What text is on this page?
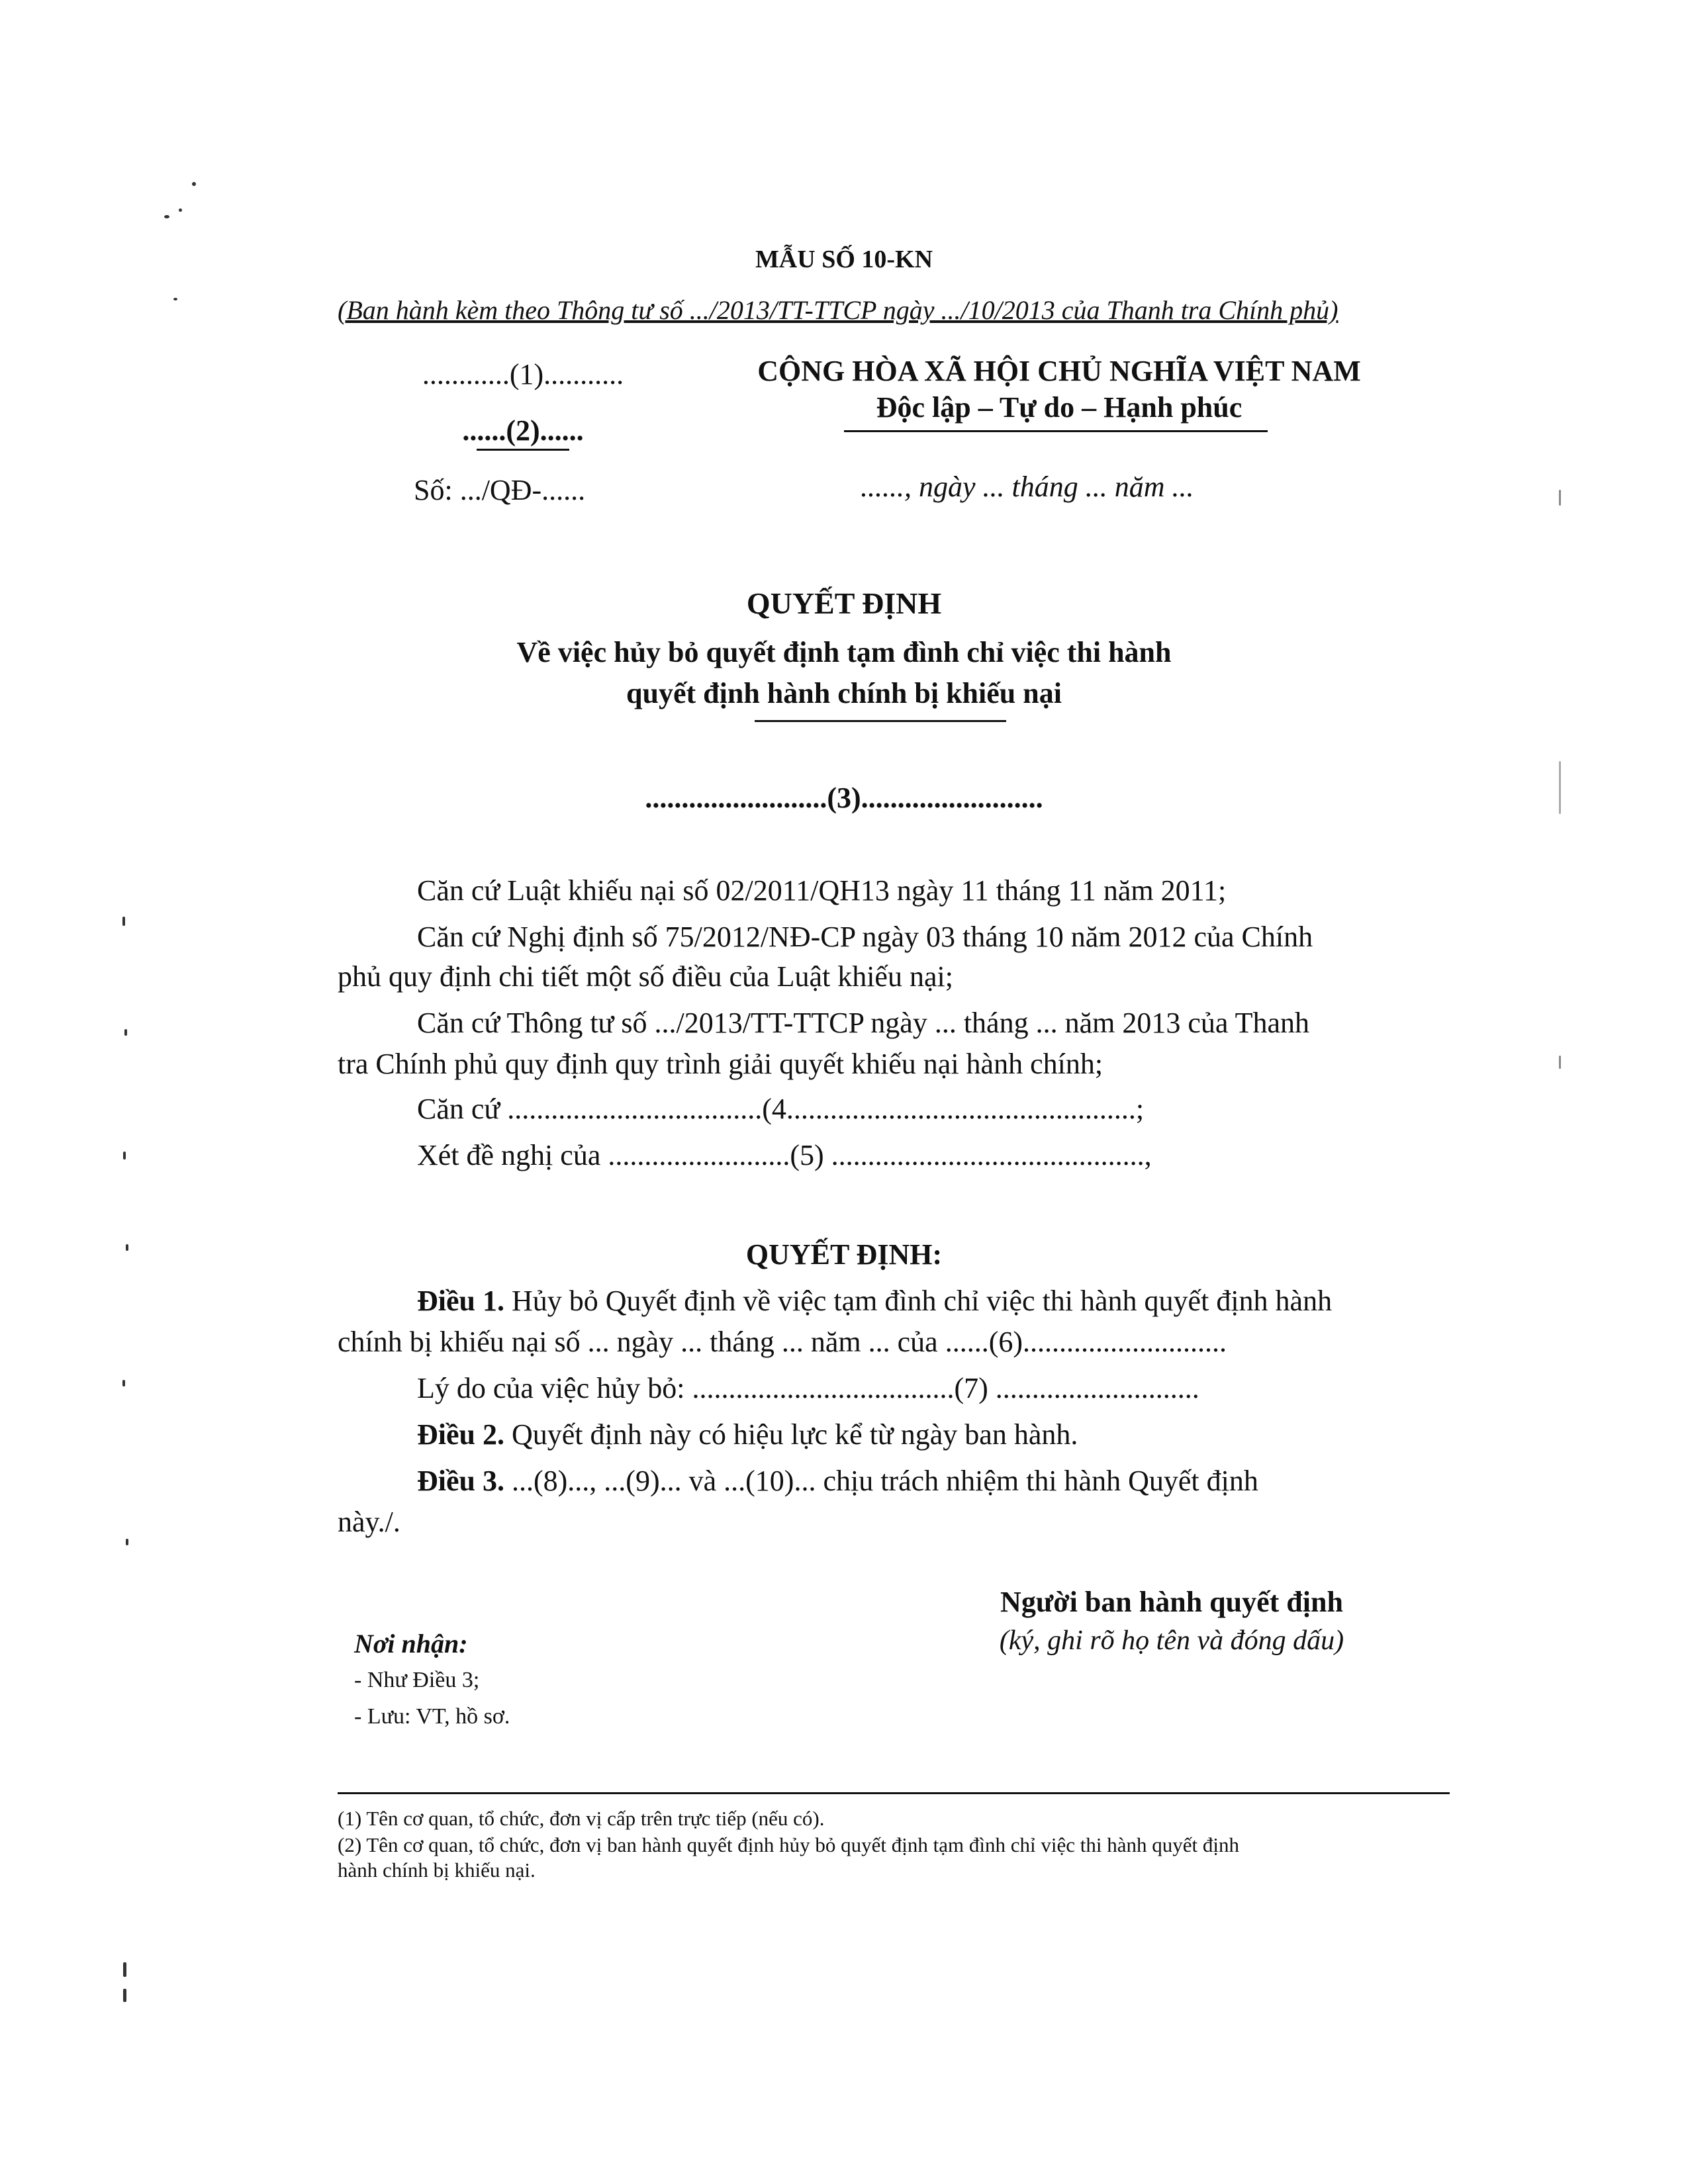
MẪU SỐ 10-KN
(Ban hành kèm theo Thông tư số .../2013/TT-TTCP ngày .../10/2013 của Thanh tra Chính phủ)
............(1)...........
......(2)......
Số: .../QĐ-......
CỘNG HÒA XÃ HỘI CHỦ NGHĨA VIỆT NAM
Độc lập – Tự do – Hạnh phúc
......, ngày ... tháng ... năm ...
QUYẾT ĐỊNH
Về việc hủy bỏ quyết định tạm đình chỉ việc thi hành
quyết định hành chính bị khiếu nại
.........................(3).........................
Căn cứ Luật khiếu nại số 02/2011/QH13 ngày 11 tháng 11 năm 2011;
Căn cứ Nghị định số 75/2012/NĐ-CP ngày 03 tháng 10 năm 2012 của Chính
phủ quy định chi tiết một số điều của Luật khiếu nại;
Căn cứ Thông tư số .../2013/TT-TTCP ngày ... tháng ... năm 2013 của Thanh
tra Chính phủ quy định quy trình giải quyết khiếu nại hành chính;
Căn cứ ...................................(4................................................;
Xét đề nghị của .........................(5) ...........................................,
QUYẾT ĐỊNH:
Điều 1. Hủy bỏ Quyết định về việc tạm đình chỉ việc thi hành quyết định hành
chính bị khiếu nại số ... ngày ... tháng ... năm ... của ......(6)............................
Lý do của việc hủy bỏ: ....................................(7) ............................
Điều 2. Quyết định này có hiệu lực kể từ ngày ban hành.
Điều 3. ...(8)..., ...(9)... và ...(10)... chịu trách nhiệm thi hành Quyết định
này./.
Người ban hành quyết định
(ký, ghi rõ họ tên và đóng dấu)
Nơi nhận:
- Như Điều 3;
- Lưu: VT, hồ sơ.
(1) Tên cơ quan, tổ chức, đơn vị cấp trên trực tiếp (nếu có).
(2) Tên cơ quan, tổ chức, đơn vị ban hành quyết định hủy bỏ quyết định tạm đình chỉ việc thi hành quyết định
hành chính bị khiếu nại.
